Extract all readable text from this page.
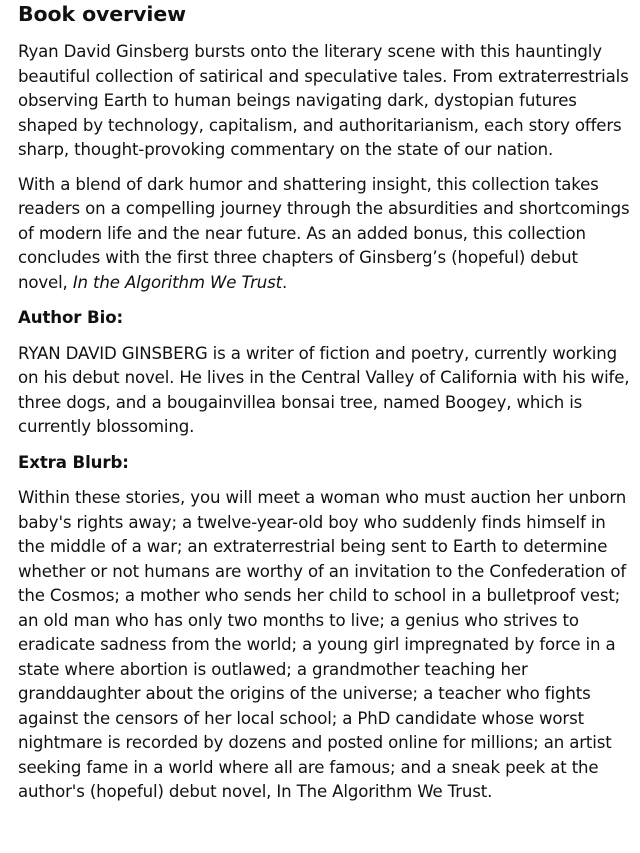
Book overview

Ryan David Ginsberg bursts onto the literary scene with this hauntingly beautiful collection of satirical and speculative tales. From extraterrestrials observing Earth to human beings navigating dark, dystopian futures shaped by technology, capitalism, and authoritarianism, each story offers sharp, thought-provoking commentary on the state of our nation.

With a blend of dark humor and shattering insight, this collection takes readers on a compelling journey through the absurdities and shortcomings of modern life and the near future. As an added bonus, this collection concludes with the first three chapters of Ginsberg’s (hopeful) debut novel, In the Algorithm We Trust.

Author Bio:

RYAN DAVID GINSBERG is a writer of fiction and poetry, currently working on his debut novel. He lives in the Central Valley of California with his wife, three dogs, and a bougainvillea bonsai tree, named Boogey, which is currently blossoming.

Extra Blurb:

Within these stories, you will meet a woman who must auction her unborn baby's rights away; a twelve-year-old boy who suddenly finds himself in the middle of a war; an extraterrestrial being sent to Earth to determine whether or not humans are worthy of an invitation to the Confederation of the Cosmos; a mother who sends her child to school in a bulletproof vest; an old man who has only two months to live; a genius who strives to eradicate sadness from the world; a young girl impregnated by force in a state where abortion is outlawed; a grandmother teaching her granddaughter about the origins of the universe; a teacher who fights against the censors of her local school; a PhD candidate whose worst nightmare is recorded by dozens and posted online for millions; an artist seeking fame in a world where all are famous; and a sneak peek at the author's (hopeful) debut novel, In The Algorithm We Trust.
